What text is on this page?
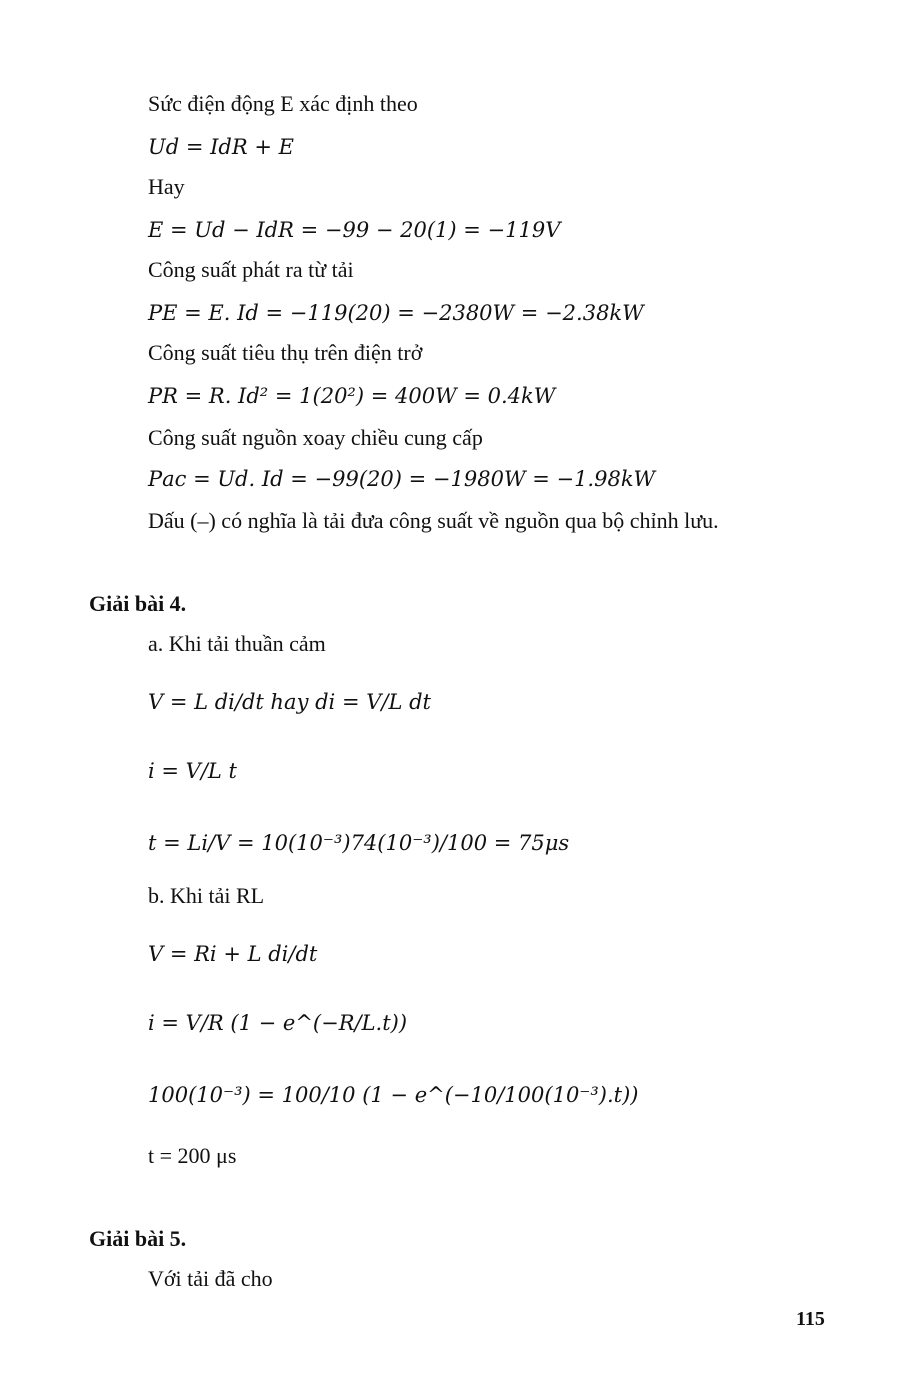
Sức điện động E xác định theo
𝑈𝑑 = 𝐼𝑑𝑅 + 𝐸
Hay
𝐸 = 𝑈𝑑 − 𝐼𝑑𝑅 = −99 − 20(1) = −119𝑉
Công suất phát ra từ tải
𝑃𝐸 = 𝐸. 𝐼𝑑 = −119(20) = −2380𝑊 = −2.38𝑘𝑊
Công suất tiêu thụ trên điện trở
𝑃𝑅 = 𝑅. 𝐼𝑑² = 1(20²) = 400𝑊 = 0.4𝑘𝑊
Công suất nguồn xoay chiều cung cấp
𝑃𝑎𝑐 = 𝑈𝑑. 𝐼𝑑 = −99(20) = −1980𝑊 = −1.98𝑘𝑊
Dấu (–) có nghĩa là tải đưa công suất về nguồn qua bộ chỉnh lưu.
Giải bài 4.
a. Khi tải thuần cảm
𝑉 = 𝐿 𝑑𝑖/𝑑𝑡 ℎ𝑎𝑦 𝑑𝑖 = 𝑉/𝐿 𝑑𝑡
𝑖 = 𝑉/𝐿 𝑡
𝑡 = 𝐿𝑖/𝑉 = 10(10⁻³)74(10⁻³)/100 = 75𝜇𝑠
b. Khi tải RL
𝑉 = 𝑅𝑖 + 𝐿 𝑑𝑖/𝑑𝑡
𝑖 = 𝑉/𝑅 (1 − 𝑒^(−𝑅/𝐿.𝑡))
100(10⁻³) = 100/10 (1 − 𝑒^(−10/100(10⁻³).𝑡))
t = 200 μs
Giải bài 5.
Với tải đã cho
115
